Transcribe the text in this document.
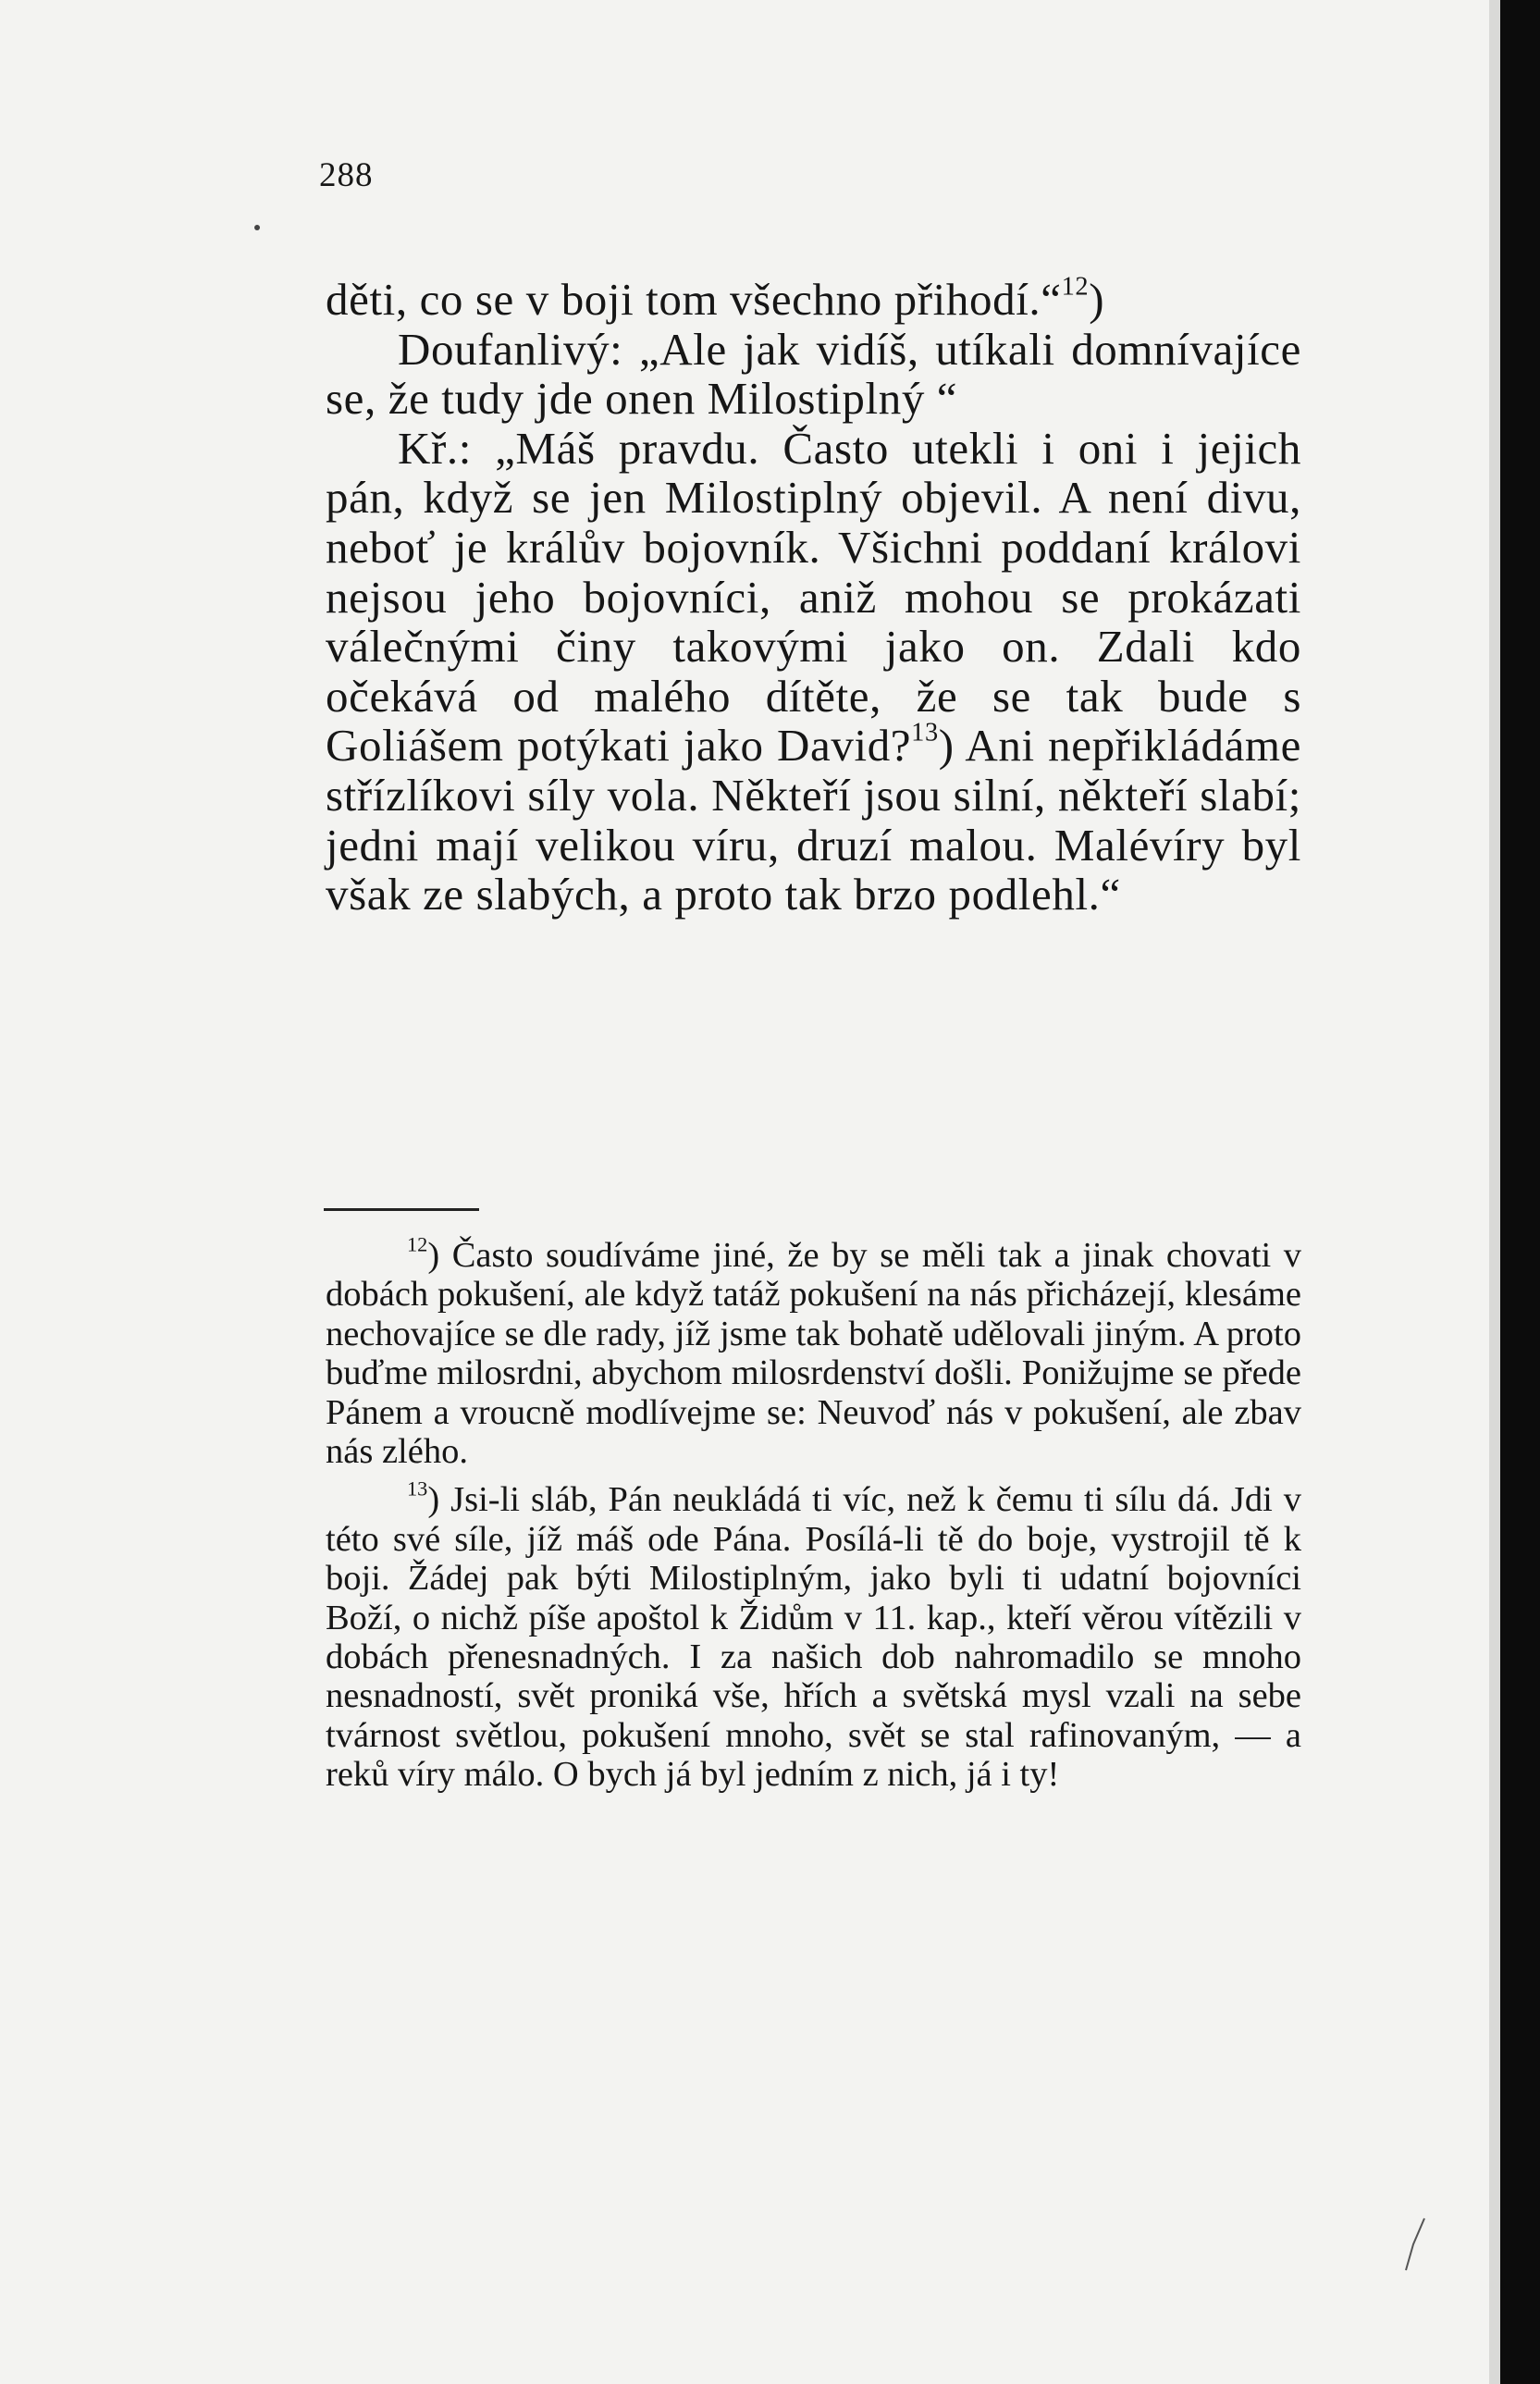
288

děti, co se v boji tom všechno přihodí.“$^{12}$)

Doufanlivý: „Ale jak vidíš, utíkali domnívajíce se, že tudy jde onen Milostiplný “

Kř.: „Máš pravdu. Často utekli i oni i jejich pán, když se jen Milostiplný objevil. A není divu, neboť je králův bojovník. Všichni poddaní královi nejsou jeho bojovníci, aniž mohou se prokázati válečnými činy takovými jako on. Zdali kdo očekává od malého dítěte, že se tak bude s Goliášem potýkati jako David?$^{13}$) Ani nepřikládáme střízlíkovi síly vola. Někteří jsou silní, někteří slabí; jedni mají velikou víru, druzí malou. Malévíry byl však ze slabých, a proto tak brzo podlehl.“

$^{12}$) Často soudíváme jiné, že by se měli tak a jinak chovati v dobách pokušení, ale když tatáž pokušení na nás přicházejí, klesáme nechovajíce se dle rady, jíž jsme tak bohatě udělovali jiným. A proto buďme milosrdni, abychom milosrdenství došli. Ponižujme se přede Pánem a vroucně modlívejme se: Neuvoď nás v pokušení, ale zbav nás zlého.

$^{13}$) Jsi-li sláb, Pán neukládá ti víc, než k čemu ti sílu dá. Jdi v této své síle, jíž máš ode Pána. Posílá-li tě do boje, vystrojil tě k boji. Žádej pak býti Milostiplným, jako byli ti udatní bojovníci Boží, o nichž píše apoštol k Židům v 11. kap., kteří věrou vítězili v dobách přenesnadných. I za našich dob nahromadilo se mnoho nesnadností, svět proniká vše, hřích a světská mysl vzali na sebe tvárnost světlou, pokušení mnoho, svět se stal rafinovaným, — a reků víry málo. O bych já byl jedním z nich, já i ty!
